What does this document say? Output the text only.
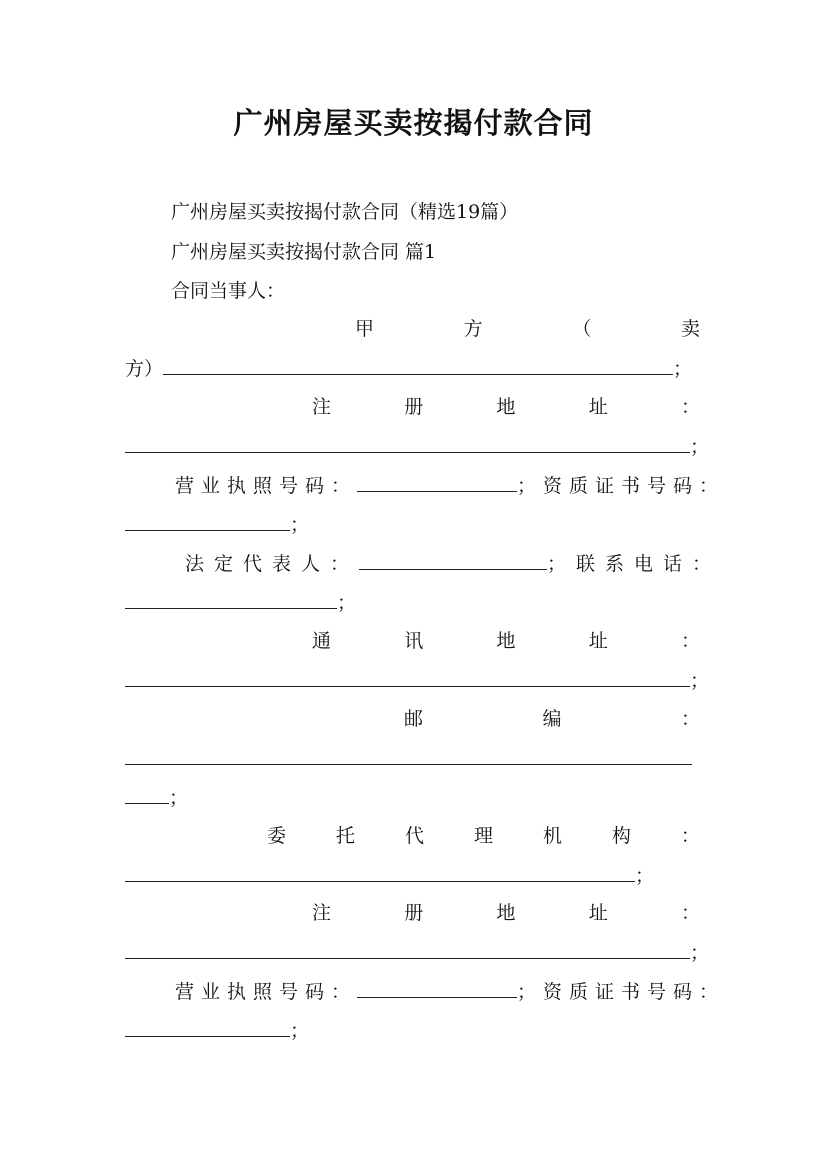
广州房屋买卖按揭付款合同
广州房屋买卖按揭付款合同（精选19篇）
广州房屋买卖按揭付款合同 篇1
合同当事人：
甲	方	（	卖
方）	；
注	册	地	址	：
；
营业执照号码：	；资质证书号码：
；
法定代表人：	；联系电话：
；
通	讯	地	址	：
；
邮	编	：
；
委	托	代	理	机	构	：
；
注	册	地	址	：
；
营业执照号码：	；资质证书号码：
；
